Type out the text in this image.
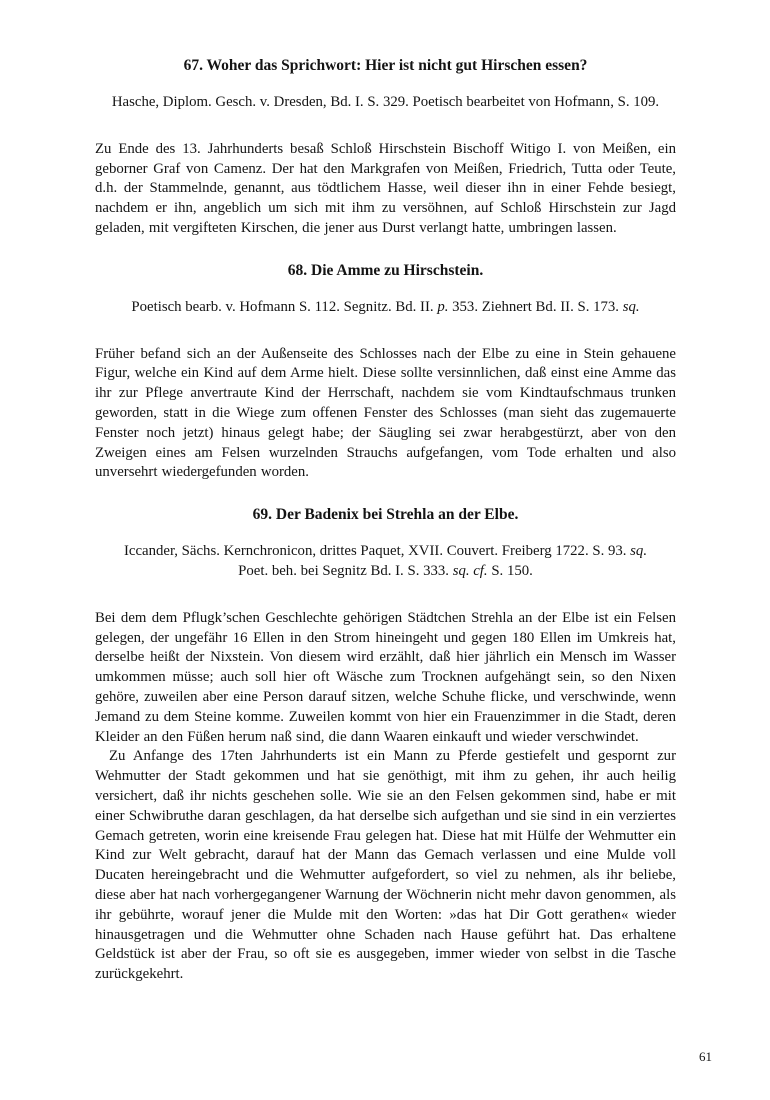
67. Woher das Sprichwort: Hier ist nicht gut Hirschen essen?

Hasche, Diplom. Gesch. v. Dresden, Bd. I. S. 329. Poetisch bearbeitet von Hofmann, S. 109.

Zu Ende des 13. Jahrhunderts besaß Schloß Hirschstein Bischoff Witigo I. von Meißen, ein geborner Graf von Camenz. Der hat den Markgrafen von Meißen, Friedrich, Tutta oder Teute, d.h. der Stammelnde, genannt, aus tödtlichem Hasse, weil dieser ihn in einer Fehde besiegt, nachdem er ihn, angeblich um sich mit ihm zu versöhnen, auf Schloß Hirschstein zur Jagd geladen, mit vergifteten Kirschen, die jener aus Durst verlangt hatte, umbringen lassen.

68. Die Amme zu Hirschstein.

Poetisch bearb. v. Hofmann S. 112. Segnitz. Bd. II. p. 353. Ziehnert Bd. II. S. 173. sq.

Früher befand sich an der Außenseite des Schlosses nach der Elbe zu eine in Stein gehauene Figur, welche ein Kind auf dem Arme hielt. Diese sollte versinnlichen, daß einst eine Amme das ihr zur Pflege anvertraute Kind der Herrschaft, nachdem sie vom Kindtaufschmaus trunken geworden, statt in die Wiege zum offenen Fenster des Schlosses (man sieht das zugemauerte Fenster noch jetzt) hinaus gelegt habe; der Säugling sei zwar herabgestürzt, aber von den Zweigen eines am Felsen wurzelnden Strauchs aufgefangen, vom Tode erhalten und also unversehrt wiedergefunden worden.

69. Der Badenix bei Strehla an der Elbe.

Iccander, Sächs. Kernchronicon, drittes Paquet, XVII. Couvert. Freiberg 1722. S. 93. sq.
Poet. beh. bei Segnitz Bd. I. S. 333. sq. cf. S. 150.

Bei dem dem Pflugk’schen Geschlechte gehörigen Städtchen Strehla an der Elbe ist ein Felsen gelegen, der ungefähr 16 Ellen in den Strom hineingeht und gegen 180 Ellen im Umkreis hat, derselbe heißt der Nixstein. Von diesem wird erzählt, daß hier jährlich ein Mensch im Wasser umkommen müsse; auch soll hier oft Wäsche zum Trocknen aufgehängt sein, so den Nixen gehöre, zuweilen aber eine Person darauf sitzen, welche Schuhe flicke, und verschwinde, wenn Jemand zu dem Steine komme. Zuweilen kommt von hier ein Frauenzimmer in die Stadt, deren Kleider an den Füßen herum naß sind, die dann Waaren einkauft und wieder verschwindet.

Zu Anfange des 17ten Jahrhunderts ist ein Mann zu Pferde gestiefelt und gespornt zur Wehmutter der Stadt gekommen und hat sie genöthigt, mit ihm zu gehen, ihr auch heilig versichert, daß ihr nichts geschehen solle. Wie sie an den Felsen gekommen sind, habe er mit einer Schwibruthe daran geschlagen, da hat derselbe sich aufgethan und sie sind in ein verziertes Gemach getreten, worin eine kreisende Frau gelegen hat. Diese hat mit Hülfe der Wehmutter ein Kind zur Welt gebracht, darauf hat der Mann das Gemach verlassen und eine Mulde voll Ducaten hereingebracht und die Wehmutter aufgefordert, so viel zu nehmen, als ihr beliebe, diese aber hat nach vorhergegangener Warnung der Wöchnerin nicht mehr davon genommen, als ihr gebührte, worauf jener die Mulde mit den Worten: »das hat Dir Gott gerathen« wieder hinausgetragen und die Wehmutter ohne Schaden nach Hause geführt hat. Das erhaltene Geldstück ist aber der Frau, so oft sie es ausgegeben, immer wieder von selbst in die Tasche zurückgekehrt.

61
